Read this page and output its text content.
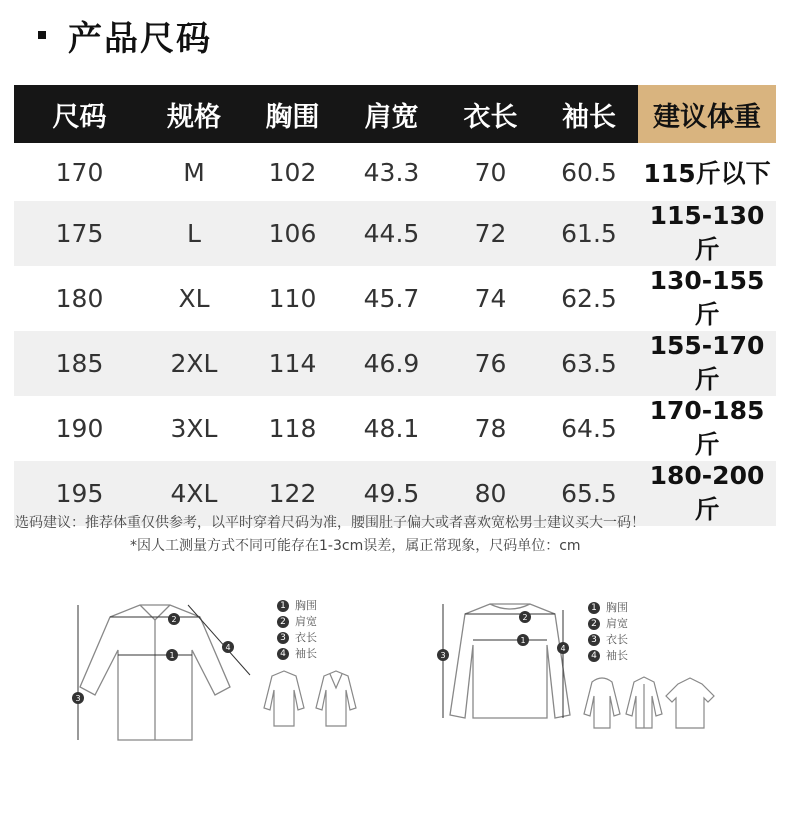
产品尺码
尺码	规格	胸围	肩宽	衣长	袖长	建议体重
170	M	102	43.3	70	60.5	115斤以下
175	L	106	44.5	72	61.5	115-130斤
180	XL	110	45.7	74	62.5	130-155斤
185	2XL	114	46.9	76	63.5	155-170斤
190	3XL	118	48.1	78	64.5	170-185斤
195	4XL	122	49.5	80	65.5	180-200斤
选码建议：推荐体重仅供参考，以平时穿着尺码为准，腰围肚子偏大或者喜欢宽松男士建议买大一码！
*因人工测量方式不同可能存在1-3cm误差，属正常现象，尺码单位：cm
1
2
3
4
1 胸围
2 肩宽
3 衣长
4 袖长
1
2
3
4
1 胸围
2 肩宽
3 衣长
4 袖长
